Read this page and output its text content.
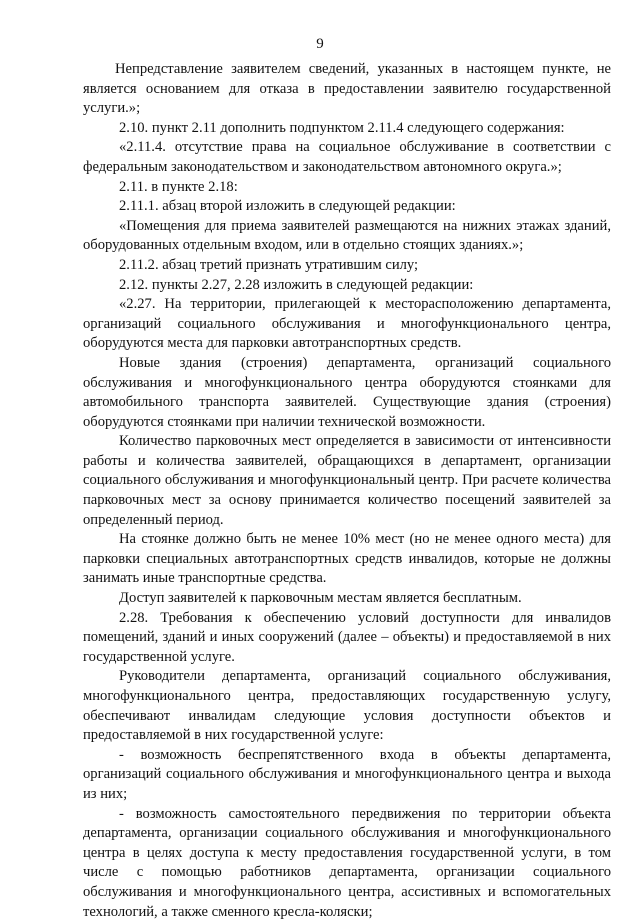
9

Непредставление заявителем сведений, указанных в настоящем пункте, не является основанием для отказа в предоставлении заявителю государственной услуги.»;

2.10. пункт 2.11 дополнить подпунктом 2.11.4 следующего содержания:

«2.11.4. отсутствие права на социальное обслуживание в соответствии с федеральным законодательством и законодательством автономного округа.»;

2.11. в пункте 2.18:

2.11.1. абзац второй изложить в следующей редакции:

«Помещения для приема заявителей размещаются на нижних этажах зданий, оборудованных отдельным входом, или в отдельно стоящих зданиях.»;

2.11.2. абзац третий признать утратившим силу;

2.12. пункты 2.27, 2.28 изложить в следующей редакции:

«2.27. На территории, прилегающей к месторасположению департамента, организаций социального обслуживания и многофункционального центра, оборудуются места для парковки автотранспортных средств.

Новые здания (строения) департамента, организаций социального обслуживания и многофункционального центра оборудуются стоянками для автомобильного транспорта заявителей. Существующие здания (строения) оборудуются стоянками при наличии технической возможности.

Количество парковочных мест определяется в зависимости от интенсивности работы и количества заявителей, обращающихся в департамент, организации социального обслуживания и многофункциональный центр. При расчете количества парковочных мест за основу принимается количество посещений заявителей за определенный период.

На стоянке должно быть не менее 10% мест (но не менее одного места) для парковки специальных автотранспортных средств инвалидов, которые не должны занимать иные транспортные средства.

Доступ заявителей к парковочным местам является бесплатным.

2.28. Требования к обеспечению условий доступности для инвалидов помещений, зданий и иных сооружений (далее – объекты) и предоставляемой в них государственной услуге.

Руководители департамента, организаций социального обслуживания, многофункционального центра, предоставляющих государственную услугу, обеспечивают инвалидам следующие условия доступности объектов и предоставляемой в них государственной услуге:

- возможность беспрепятственного входа в объекты департамента, организаций социального обслуживания и многофункционального центра и выхода из них;

- возможность самостоятельного передвижения по территории объекта департамента, организации социального обслуживания и многофункционального центра в целях доступа к месту предоставления государственной услуги, в том числе с помощью работников департамента, организации социального обслуживания и многофункционального центра, ассистивных и вспомогательных технологий, а также сменного кресла-коляски;
